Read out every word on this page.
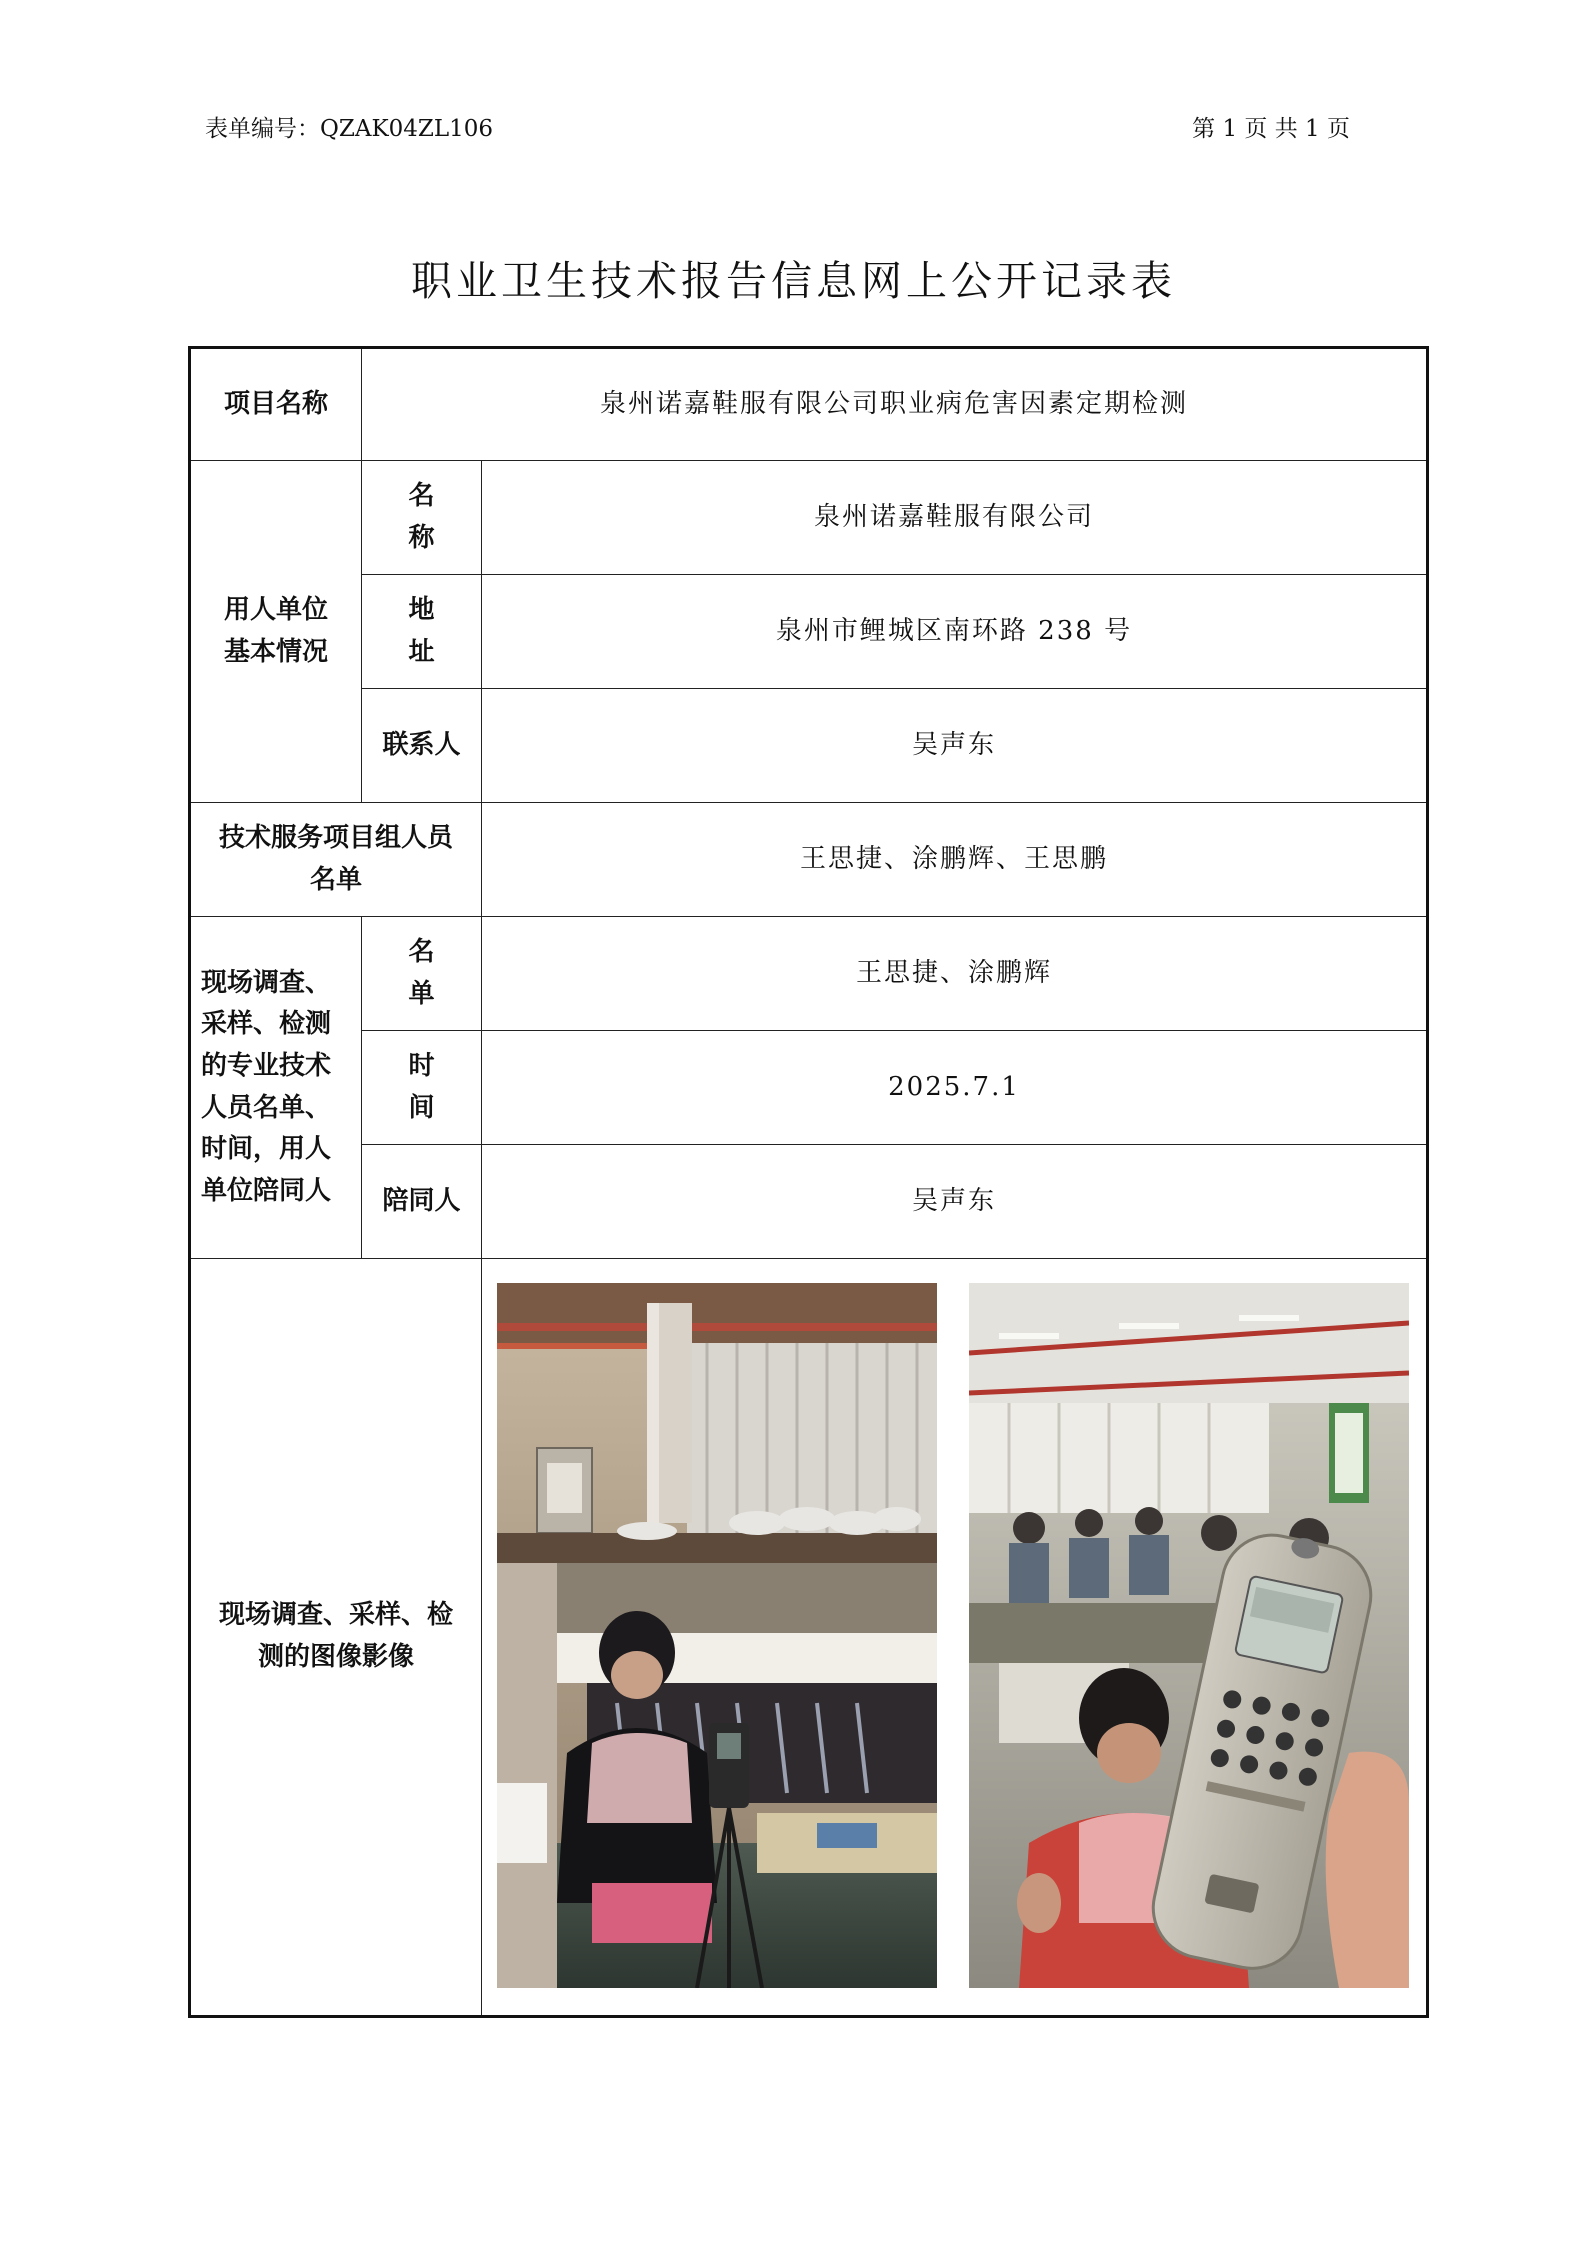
表单编号：QZAK04ZL106	第 1 页 共 1 页
职业卫生技术报告信息网上公开记录表
项目名称	泉州诺嘉鞋服有限公司职业病危害因素定期检测	
用人单位基本情况	名称	泉州诺嘉鞋服有限公司
	地址	泉州市鲤城区南环路 238 号
	联系人	吴声东
技术服务项目组人员名单		王思捷、涂鹏辉、王思鹏
现场调查、采样、检测的专业技术人员名单、时间，用人单位陪同人	名单	王思捷、涂鹏辉
	时间	2025.7.1
	陪同人	吴声东
现场调查、采样、检测的图像影像	
